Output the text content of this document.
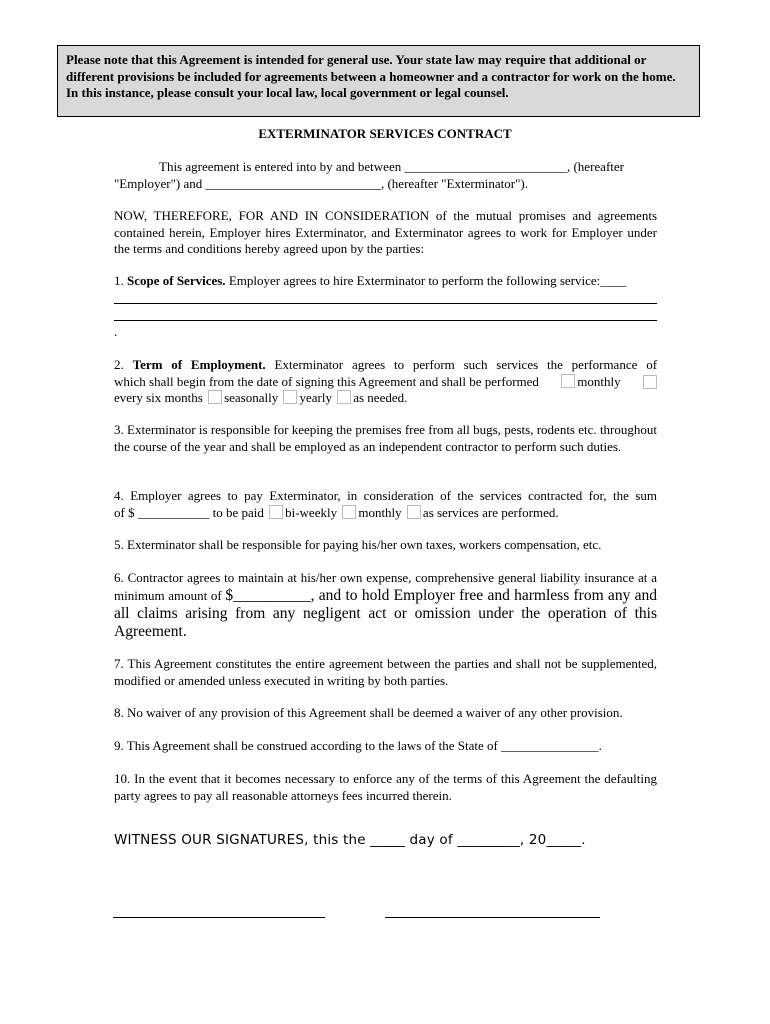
Please note that this Agreement is intended for general use. Your state law may require that additional or different provisions be included for agreements between a homeowner and a contractor for work on the home. In this instance, please consult your local law, local government or legal counsel.
EXTERMINATOR SERVICES CONTRACT
This agreement is entered into by and between _________________________, (hereafter
"Employer") and ___________________________, (hereafter "Exterminator").
NOW, THEREFORE, FOR AND IN CONSIDERATION of the mutual promises and agreements contained herein, Employer hires Exterminator, and Exterminator agrees to work for Employer under the terms and conditions hereby agreed upon by the parties:
1. Scope of Services. Employer agrees to hire Exterminator to perform the following service:____
.
2. Term of Employment. Exterminator agrees to perform such services the performance of
which shall begin from the date of signing this Agreement and shall be performed	monthly
every six months seasonally yearly as needed.
3. Exterminator is responsible for keeping the premises free from all bugs, pests, rodents etc. throughout the course of the year and shall be employed as an independent contractor to perform such duties.
4. Employer agrees to pay Exterminator, in consideration of the services contracted for, the sum
of $ ___________ to be paid bi-weekly monthly as services are performed.
5. Exterminator shall be responsible for paying his/her own taxes, workers compensation, etc.
6. Contractor agrees to maintain at his/her own expense, comprehensive general liability insurance at a minimum amount of $__________, and to hold Employer free and harmless from any and all claims arising from any negligent act or omission under the operation of this Agreement.
7. This Agreement constitutes the entire agreement between the parties and shall not be supplemented, modified or amended unless executed in writing by both parties.
8. No waiver of any provision of this Agreement shall be deemed a waiver of any other provision.
9. This Agreement shall be construed according to the laws of the State of _______________.
10. In the event that it becomes necessary to enforce any of the terms of this Agreement the defaulting party agrees to pay all reasonable attorneys fees incurred therein.
WITNESS OUR SIGNATURES, this the _____ day of _________, 20_____.
